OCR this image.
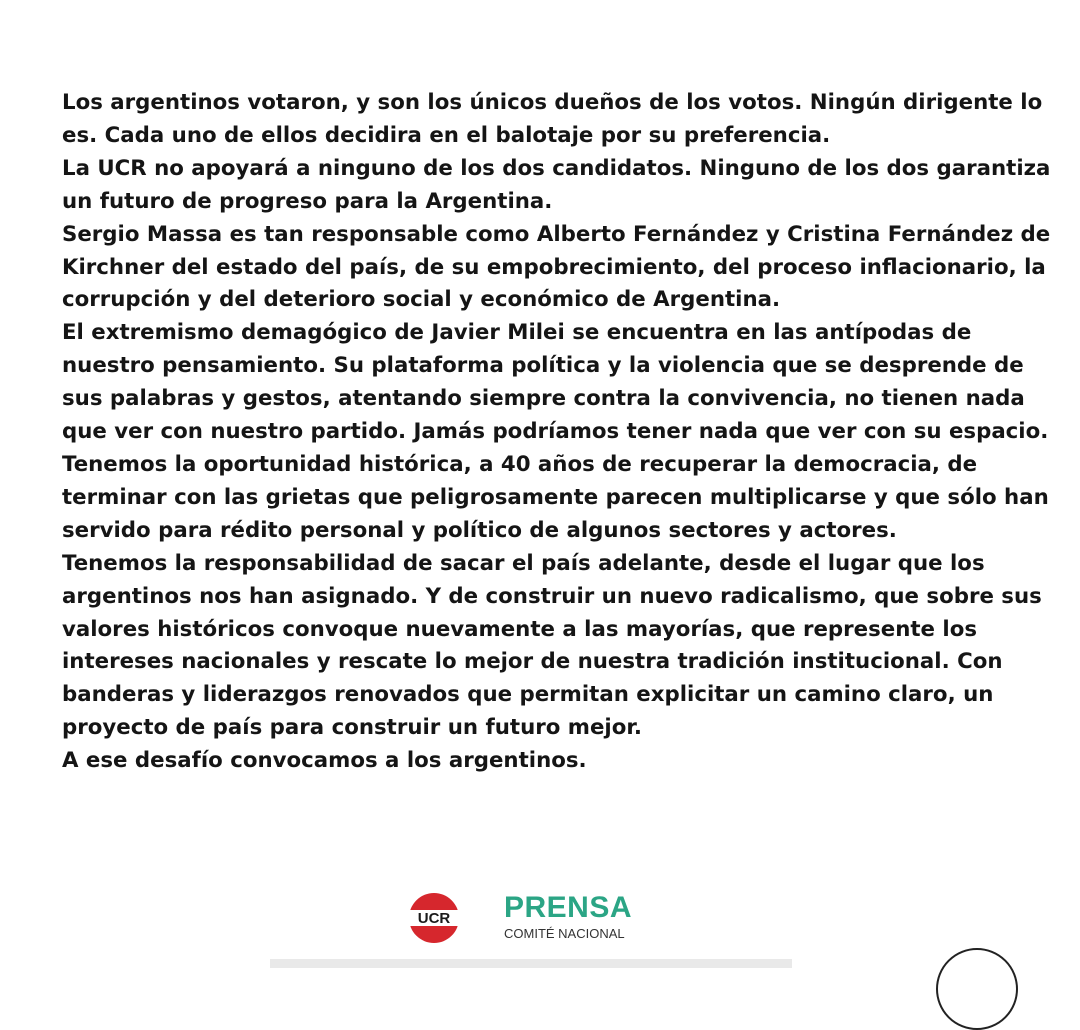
Los argentinos votaron, y son los únicos dueños de los votos. Ningún dirigente lo es. Cada uno de ellos decidira en el balotaje por su preferencia.

La UCR no apoyará a ninguno de los dos candidatos. Ninguno de los dos garantiza un futuro de progreso para la Argentina.

Sergio Massa es tan responsable como Alberto Fernández y Cristina Fernández de Kirchner del estado del país, de su empobrecimiento, del proceso inflacionario, la corrupción y del deterioro social y económico de Argentina.

El extremismo demagógico de Javier Milei se encuentra en las antípodas de nuestro pensamiento. Su plataforma política y la violencia que se desprende de sus palabras y gestos, atentando siempre contra la convivencia, no tienen nada que ver con nuestro partido. Jamás podríamos tener nada que ver con su espacio.

Tenemos la oportunidad histórica, a 40 años de recuperar la democracia, de terminar con las grietas que peligrosamente parecen multiplicarse y que sólo han servido para rédito personal y político de algunos sectores y actores.

Tenemos la responsabilidad de sacar el país adelante, desde el lugar que los argentinos nos han asignado. Y de construir un nuevo radicalismo, que sobre sus valores históricos convoque nuevamente a las mayorías, que represente los intereses nacionales y rescate lo mejor de nuestra tradición institucional. Con banderas y liderazgos renovados que permitan explicitar un camino claro, un proyecto de país para construir un futuro mejor.

A ese desafío convocamos a los argentinos.

UCR PRENSA
COMITÉ NACIONAL
